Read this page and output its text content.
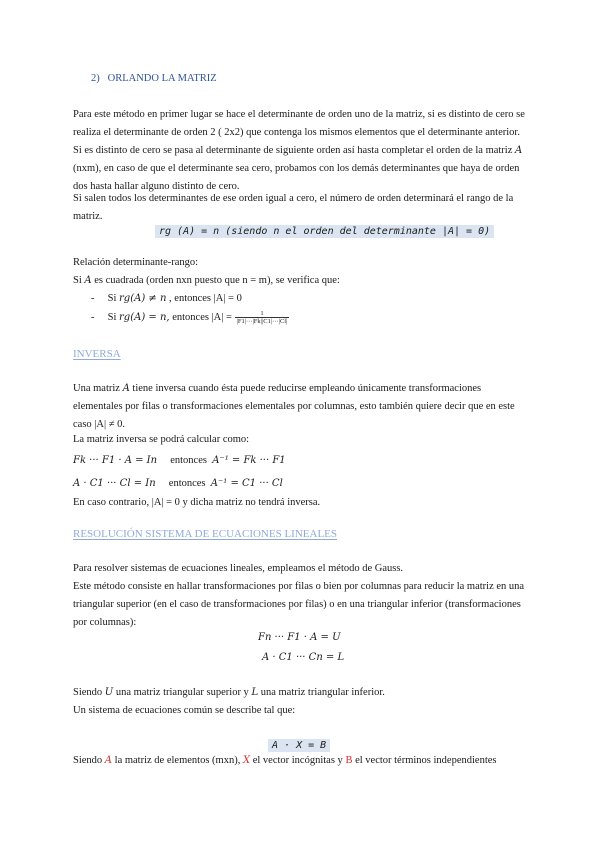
2) ORLANDO LA MATRIZ
Para este método en primer lugar se hace el determinante de orden uno de la matriz, si es distinto de cero se realiza el determinante de orden 2 ( 2x2) que contenga los mismos elementos que el determinante anterior.
Si es distinto de cero se pasa al determinante de siguiente orden así hasta completar el orden de la matriz A (nxm), en caso de que el determinante sea cero, probamos con los demás determinantes que haya de orden dos hasta hallar alguno distinto de cero.
Si salen todos los determinantes de ese orden igual a cero, el número de orden determinará el rango de la matriz.
rg (A) = n (siendo n el orden del determinante |A| = 0)
Relación determinante-rango:
Si A es cuadrada (orden nxn puesto que n = m), se verifica que:
- Si rg(A) ≠ n , entonces |A| = 0
- Si rg(A) = n, entonces $|A| = \frac{1}{|F1|\cdot\cdot\cdot|Fk||C1|\cdot\cdot\cdot|Cl|}$
INVERSA
Una matriz A tiene inversa cuando ésta puede reducirse empleando únicamente transformaciones elementales por filas o transformaciones elementales por columnas, esto también quiere decir que en este caso |A| ≠ 0.
La matriz inversa se podrá calcular como:
Fk ··· F1 · A = In entonces A⁻¹ = Fk ··· F1
A · C1 ··· Cl = In entonces A⁻¹ = C1 ··· Cl
En caso contrario, |A| = 0 y dicha matriz no tendrá inversa.
RESOLUCIÓN SISTEMA DE ECUACIONES LINEALES
Para resolver sistemas de ecuaciones lineales, empleamos el método de Gauss.
Este método consiste en hallar transformaciones por filas o bien por columnas para reducir la matriz en una triangular superior (en el caso de transformaciones por filas) o en una triangular inferior (transformaciones por columnas):
Fn ··· F1 · A = U
A · C1 ··· Cn = L
Siendo U una matriz triangular superior y L una matriz triangular inferior.
Un sistema de ecuaciones común se describe tal que:
A · X = B
Siendo A la matriz de elementos (mxn), X el vector incógnitas y B el vector términos independientes
